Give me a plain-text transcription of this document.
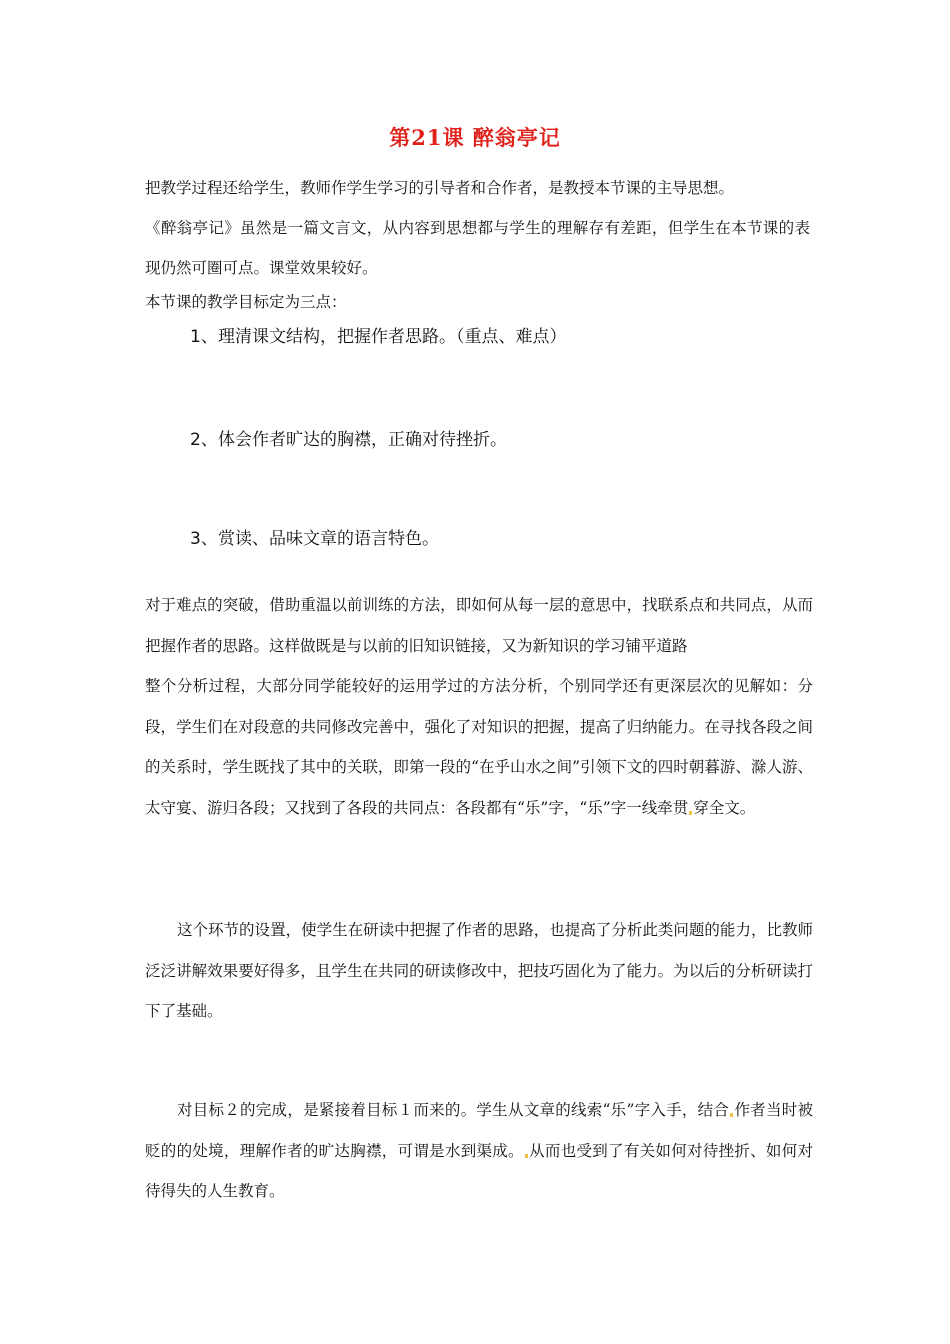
第21课 醉翁亭记

把教学过程还给学生，教师作学生学习的引导者和合作者，是教授本节课的主导思想。

《醉翁亭记》虽然是一篇文言文，从内容到思想都与学生的理解存有差距，但学生在本节课的表现仍然可圈可点。课堂效果较好。

本节课的教学目标定为三点：

1、理清课文结构，把握作者思路。（重点、难点）
2、体会作者旷达的胸襟，正确对待挫折。
3、赏读、品味文章的语言特色。

对于难点的突破，借助重温以前训练的方法，即如何从每一层的意思中，找联系点和共同点，从而把握作者的思路。这样做既是与以前的旧知识链接，又为新知识的学习铺平道路

整个分析过程，大部分同学能较好的运用学过的方法分析，个别同学还有更深层次的见解如：分段，学生们在对段意的共同修改完善中，强化了对知识的把握，提高了归纳能力。在寻找各段之间的关系时，学生既找了其中的关联，即第一段的“在乎山水之间”引领下文的四时朝暮游、滁人游、太守宴、游归各段；又找到了各段的共同点：各段都有“乐”字，“乐”字一线牵贯 穿全文。

这个环节的设置，使学生在研读中把握了作者的思路，也提高了分析此类问题的能力，比教师泛泛讲解效果要好得多，且学生在共同的研读修改中，把技巧固化为了能力。为以后的分析研读打下了基础。

对目标２的完成，是紧接着目标１而来的。学生从文章的线索“乐”字入手，结合 作者当时被贬的的处境，理解作者的旷达胸襟，可谓是水到渠成。 从而也受到了有关如何对待挫折、如何对待得失的人生教育。
